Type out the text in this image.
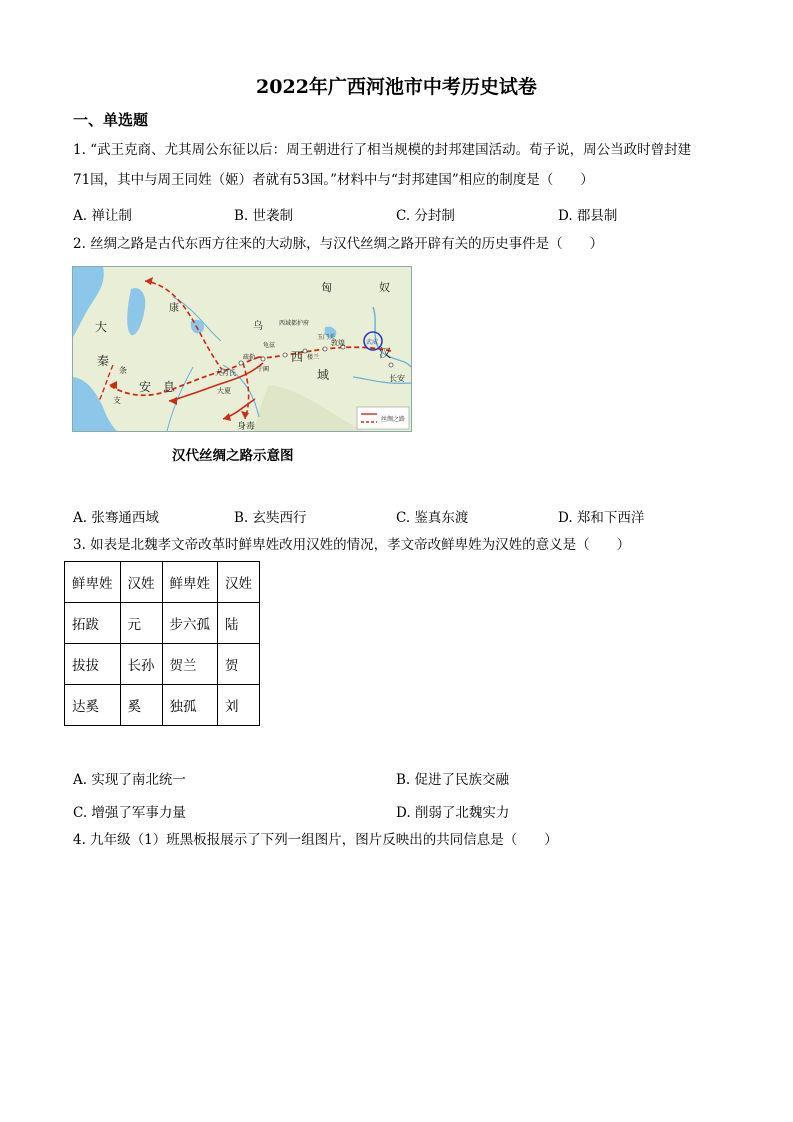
2022年广西河池市中考历史试卷
一、单选题
1. “武王克商、尤其周公东征以后：周王朝进行了相当规模的封邦建国活动。荀子说，周公当政时曾封建
71国，其中与周王同姓（姬）者就有53国。”材料中与“封邦建国”相应的制度是（　　）
A. 禅让制	B. 世袭制	C. 分封制	D. 郡县制
2. 丝绸之路是古代东西方往来的大动脉，与汉代丝绸之路开辟有关的历史事件是（　　）
匈	奴
汉
长安
西
域
安 息
大
秦
康
乌
条
支
大月氏
大夏
身毒
敦煌	武威
玉门关
楼兰
西域都护府
龟兹
疏勒
于阗
丝绸之路
汉代丝绸之路示意图
A. 张骞通西域	B. 玄奘西行	C. 鉴真东渡	D. 郑和下西洋
3. 如表是北魏孝文帝改革时鲜卑姓改用汉姓的情况，孝文帝改鲜卑姓为汉姓的意义是（　　）
鲜卑姓	汉姓	鲜卑姓	汉姓
拓跋	元	步六孤	陆
拔拔	长孙	贺兰	贺
达奚	奚	独孤	刘
A. 实现了南北统一	B. 促进了民族交融
C. 增强了军事力量	D. 削弱了北魏实力
4. 九年级（1）班黑板报展示了下列一组图片，图片反映出的共同信息是（　　）
